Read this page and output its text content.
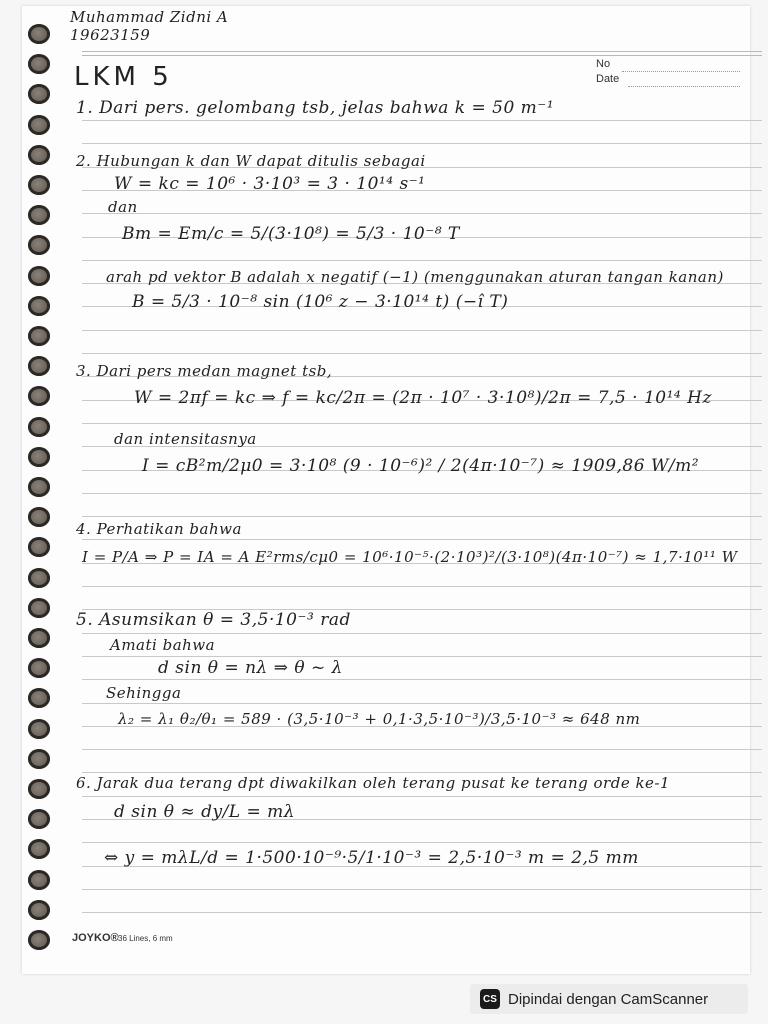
Muhammad Zidni A
19623159
No
Date
LKM 5
1. Dari pers. gelombang tsb, jelas bahwa k = 50 m⁻¹
2. Hubungan k dan W dapat ditulis sebagai
W = kc = 10⁶ · 3·10³ = 3 · 10¹⁴ s⁻¹
dan
Bm = Em/c = 5/(3·10⁸) = 5/3 · 10⁻⁸ T
arah pd vektor B adalah x negatif (−1) (menggunakan aturan tangan kanan)
B = 5/3 · 10⁻⁸ sin (10⁶ z − 3·10¹⁴ t) (−î T)
3. Dari pers medan magnet tsb,
W = 2πf = kc ⇒ f = kc/2π = (2π · 10⁷ · 3·10⁸)/2π = 7,5 · 10¹⁴ Hz
dan intensitasnya
I = cB²m/2μ0 = 3·10⁸ (9 · 10⁻⁶)² / 2(4π·10⁻⁷) ≈ 1909,86 W/m²
4. Perhatikan bahwa
I = P/A ⇒ P = IA = A E²rms/cμ0 = 10⁶·10⁻⁵·(2·10³)²/(3·10⁸)(4π·10⁻⁷) ≈ 1,7·10¹¹ W
5. Asumsikan θ = 3,5·10⁻³ rad
Amati bahwa
d sin θ = nλ ⇒ θ ~ λ
Sehingga
λ₂ = λ₁ θ₂/θ₁ = 589 · (3,5·10⁻³ + 0,1·3,5·10⁻³)/3,5·10⁻³ ≈ 648 nm
6. Jarak dua terang dpt diwakilkan oleh terang pusat ke terang orde ke-1
d sin θ ≈ dy/L = mλ
⇔ y = mλL/d = 1·500·10⁻⁹·5/1·10⁻³ = 2,5·10⁻³ m = 2,5 mm
JOYKO® 36 Lines, 6 mm
CS Dipindai dengan CamScanner
